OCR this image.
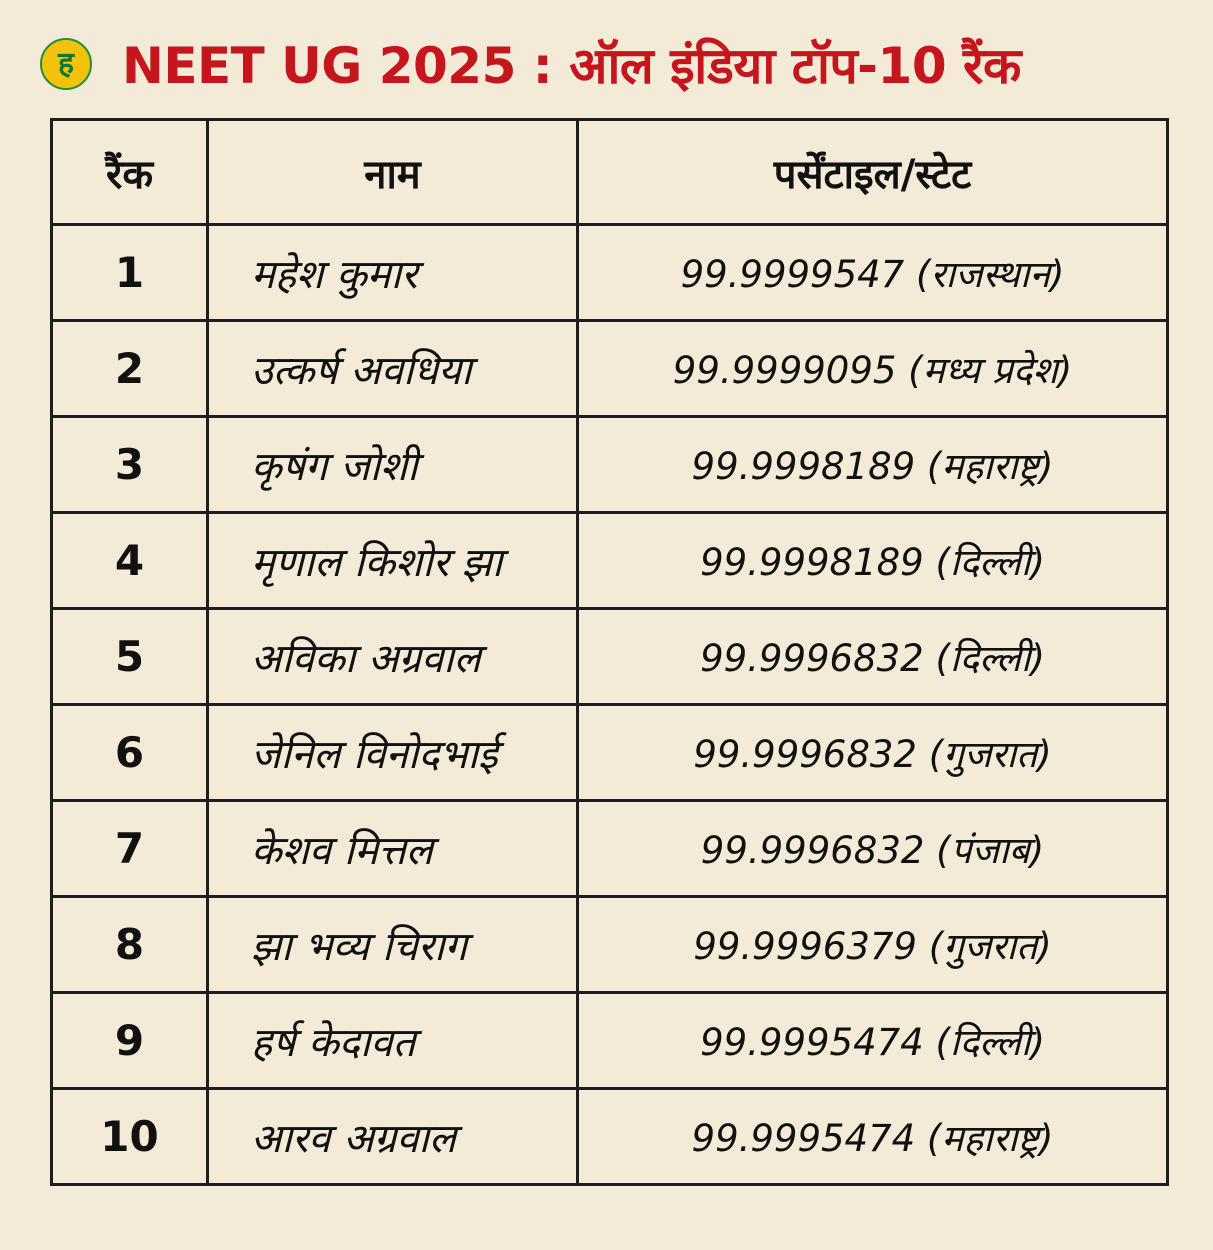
ह NEET UG 2025 : ऑल इंडिया टॉप-10 रैंक
रैंक	नाम	पर्सेंटाइल/स्टेट
1	महेश कुमार	99.9999547 (राजस्थान)
2	उत्कर्ष अवधिया	99.9999095 (मध्य प्रदेश)
3	कृषंग जोशी	99.9998189 (महाराष्ट्र)
4	मृणाल किशोर झा	99.9998189 (दिल्ली)
5	अविका अग्रवाल	99.9996832 (दिल्ली)
6	जेनिल विनोदभाई	99.9996832 (गुजरात)
7	केशव मित्तल	99.9996832 (पंजाब)
8	झा भव्य चिराग	99.9996379 (गुजरात)
9	हर्ष केदावत	99.9995474 (दिल्ली)
10	आरव अग्रवाल	99.9995474 (महाराष्ट्र)
